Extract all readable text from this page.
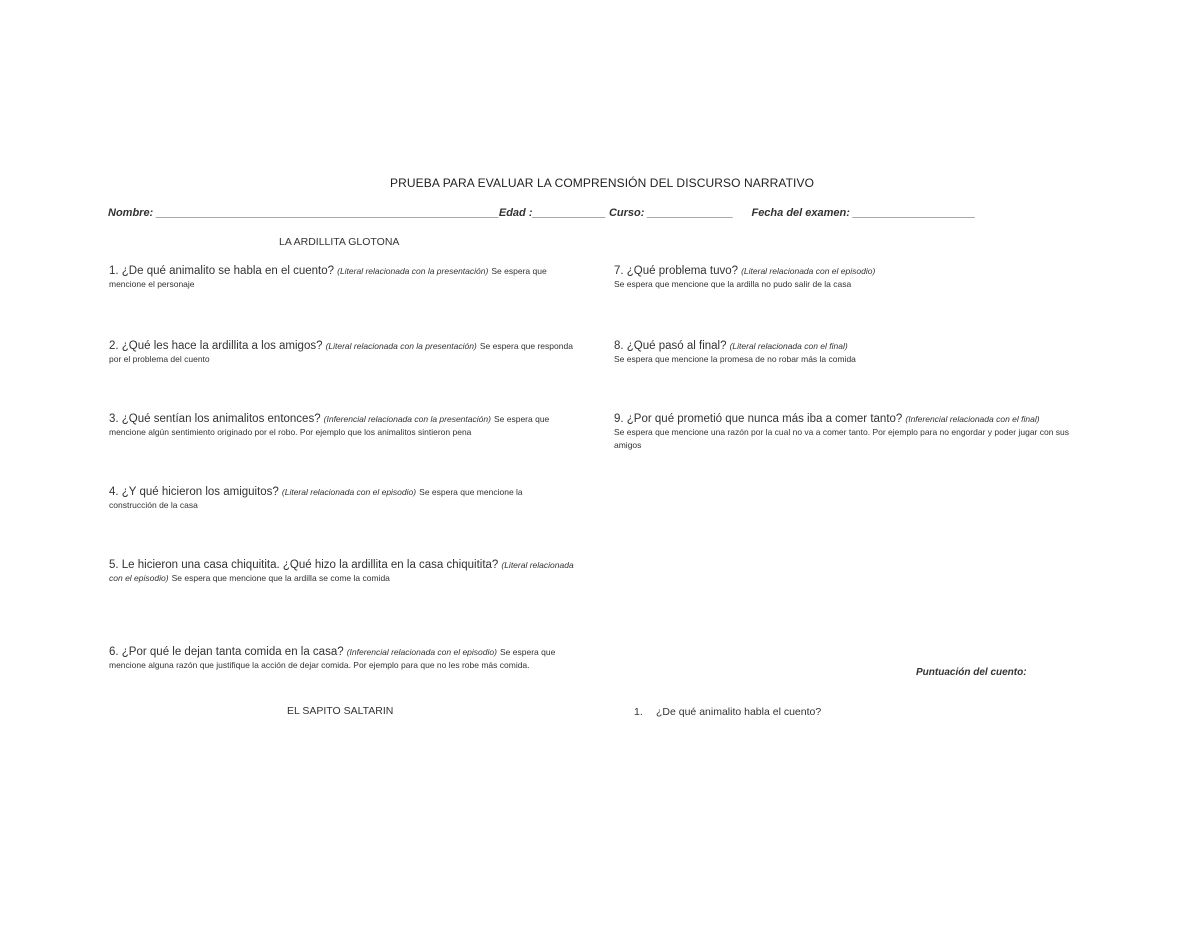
PRUEBA PARA EVALUAR LA COMPRENSIÓN DEL DISCURSO NARRATIVO
Nombre: ________________________________________________________Edad :____________ Curso: ______________ Fecha del examen: ____________________
LA ARDILLITA GLOTONA
1. ¿De qué animalito se habla en el cuento? (Literal relacionada con la presentación) Se espera que mencione el personaje
2. ¿Qué les hace la ardillita a los amigos? (Literal relacionada con la presentación) Se espera que responda por el problema del cuento
3. ¿Qué sentían los animalitos entonces? (Inferencial relacionada con la presentación) Se espera que mencione algún sentimiento originado por el robo. Por ejemplo que los animalitos sintieron pena
4. ¿Y qué hicieron los amiguitos? (Literal relacionada con el episodio) Se espera que mencione la construcción de la casa
5. Le hicieron una casa chiquitita. ¿Qué hizo la ardillita en la casa chiquitita? (Literal relacionada con el episodio) Se espera que mencione que la ardilla se come la comida
6. ¿Por qué le dejan tanta comida en la casa? (Inferencial relacionada con el episodio) Se espera que mencione alguna razón que justifique la acción de dejar comida. Por ejemplo para que no les robe más comida.
7. ¿Qué problema tuvo? (Literal relacionada con el episodio)
Se espera que mencione que la ardilla no pudo salir de la casa
8. ¿Qué pasó al final? (Literal relacionada con el final)
Se espera que mencione la promesa de no robar más la comida
9. ¿Por qué prometió que nunca más iba a comer tanto? (Inferencial relacionada con el final)
Se espera que mencione una razón por la cual no va a comer tanto. Por ejemplo para no engordar y poder jugar con sus amigos
Puntuación del cuento:
EL SAPITO SALTARIN	1. ¿De qué animalito habla el cuento?
